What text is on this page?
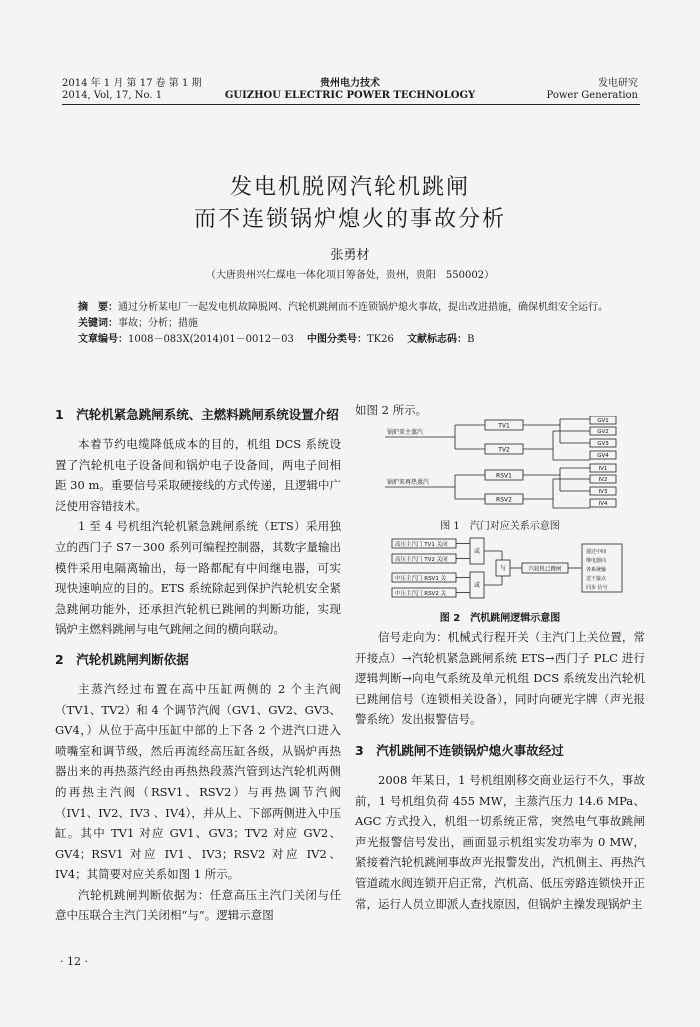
2014 年 1 月 第 17 卷 第 1 期
2014, Vol, 17, No. 1
贵州电力技术
GUIZHOU ELECTRIC POWER TECHNOLOGY
发电研究
Power Generation
发电机脱网汽轮机跳闸
而不连锁锅炉熄火的事故分析
张勇材
（大唐贵州兴仁煤电一体化项目筹备处，贵州，贵阳　550002）
摘　要：通过分析某电厂一起发电机故障脱网、汽轮机跳闸而不连锁锅炉熄火事故，提出改进措施，确保机组安全运行。
关键词：事故；分析；措施
文章编号：1008－083X(2014)01－0012－03 中图分类号：TK26 文献标志码：B

1　汽轮机紧急跳闸系统、主燃料跳闸系统设置介绍

本着节约电缆降低成本的目的，机组 DCS 系统设置了汽轮机电子设备间和锅炉电子设备间，两电子间相距 30 m。重要信号采取硬接线的方式传递，且逻辑中广泛使用容错技术。

1 至 4 号机组汽轮机紧急跳闸系统（ETS）采用独立的西门子 S7－300 系列可编程控制器，其数字量输出模件采用电隔离输出，每一路都配有中间继电器，可实现快速响应的目的。ETS 系统除起到保护汽轮机安全紧急跳闸功能外，还承担汽轮机已跳闸的判断功能，实现锅炉主燃料跳闸与电气跳闸之间的横向联动。

2　汽轮机跳闸判断依据

主蒸汽经过布置在高中压缸两侧的 2 个主汽阀（TV1、TV2）和 4 个调节汽阀（GV1、GV2、GV3、GV4，）从位于高中压缸中部的上下各 2 个进汽口进入喷嘴室和调节级，然后再流经高压缸各级，从锅炉再热器出来的再热蒸汽经由再热热段蒸汽管到达汽轮机两侧的再热主汽阀（RSV1、RSV2）与再热调节汽阀（IV1、IV2、IV3 、IV4），并从上、下部两侧进入中压缸。其中 TV1 对应 GV1、GV3；TV2 对应 GV2、GV4；RSV1 对应 IV1、IV3；RSV2 对应 IV2、IV4；其简要对应关系如图 1 所示。

汽轮机跳闸判断依据为：任意高压主汽门关闭与任意中压联合主汽门关闭相“与”。逻辑示意图

如图 2 所示。

锅炉来主蒸汽
锅炉来再热蒸汽
TV1
TV2
RSV1
RSV2
GV1
GV2
GV3
GV4
IV1
IV2
IV3
IV4
图 1　汽门对应关系示意图
高压主汽门 TV1 关闭
高压主汽门 TV2 关闭
中压主汽门 RSV1 关
中压主汽门 RSV2 关
或
或
与	汽轮机已跳闸
通过中间
继电器向
各系统输
送干接点
同步 信号
图 2　汽机跳闸逻辑示意图

信号走向为：机械式行程开关（主汽门上关位置，常开接点）→汽轮机紧急跳闸系统 ETS→西门子 PLC 进行逻辑判断→向电气系统及单元机组 DCS 系统发出汽轮机已跳闸信号（连锁相关设备），同时向硬光字牌（声光报警系统）发出报警信号。

3　汽机跳闸不连锁锅炉熄火事故经过

2008 年某日，1 号机组刚移交商业运行不久，事故前，1 号机组负荷 455 MW，主蒸汽压力 14.6 MPa、AGC 方式投入，机组一切系统正常，突然电气事故跳闸声光报警信号发出，画面显示机组实发功率为 0 MW，紧接着汽轮机跳闸事故声光报警发出，汽机侧主、再热汽管道疏水阀连锁开启正常，汽机高、低压旁路连锁快开正常，运行人员立即派人查找原因，但锅炉主操发现锅炉主

· 12 ·
